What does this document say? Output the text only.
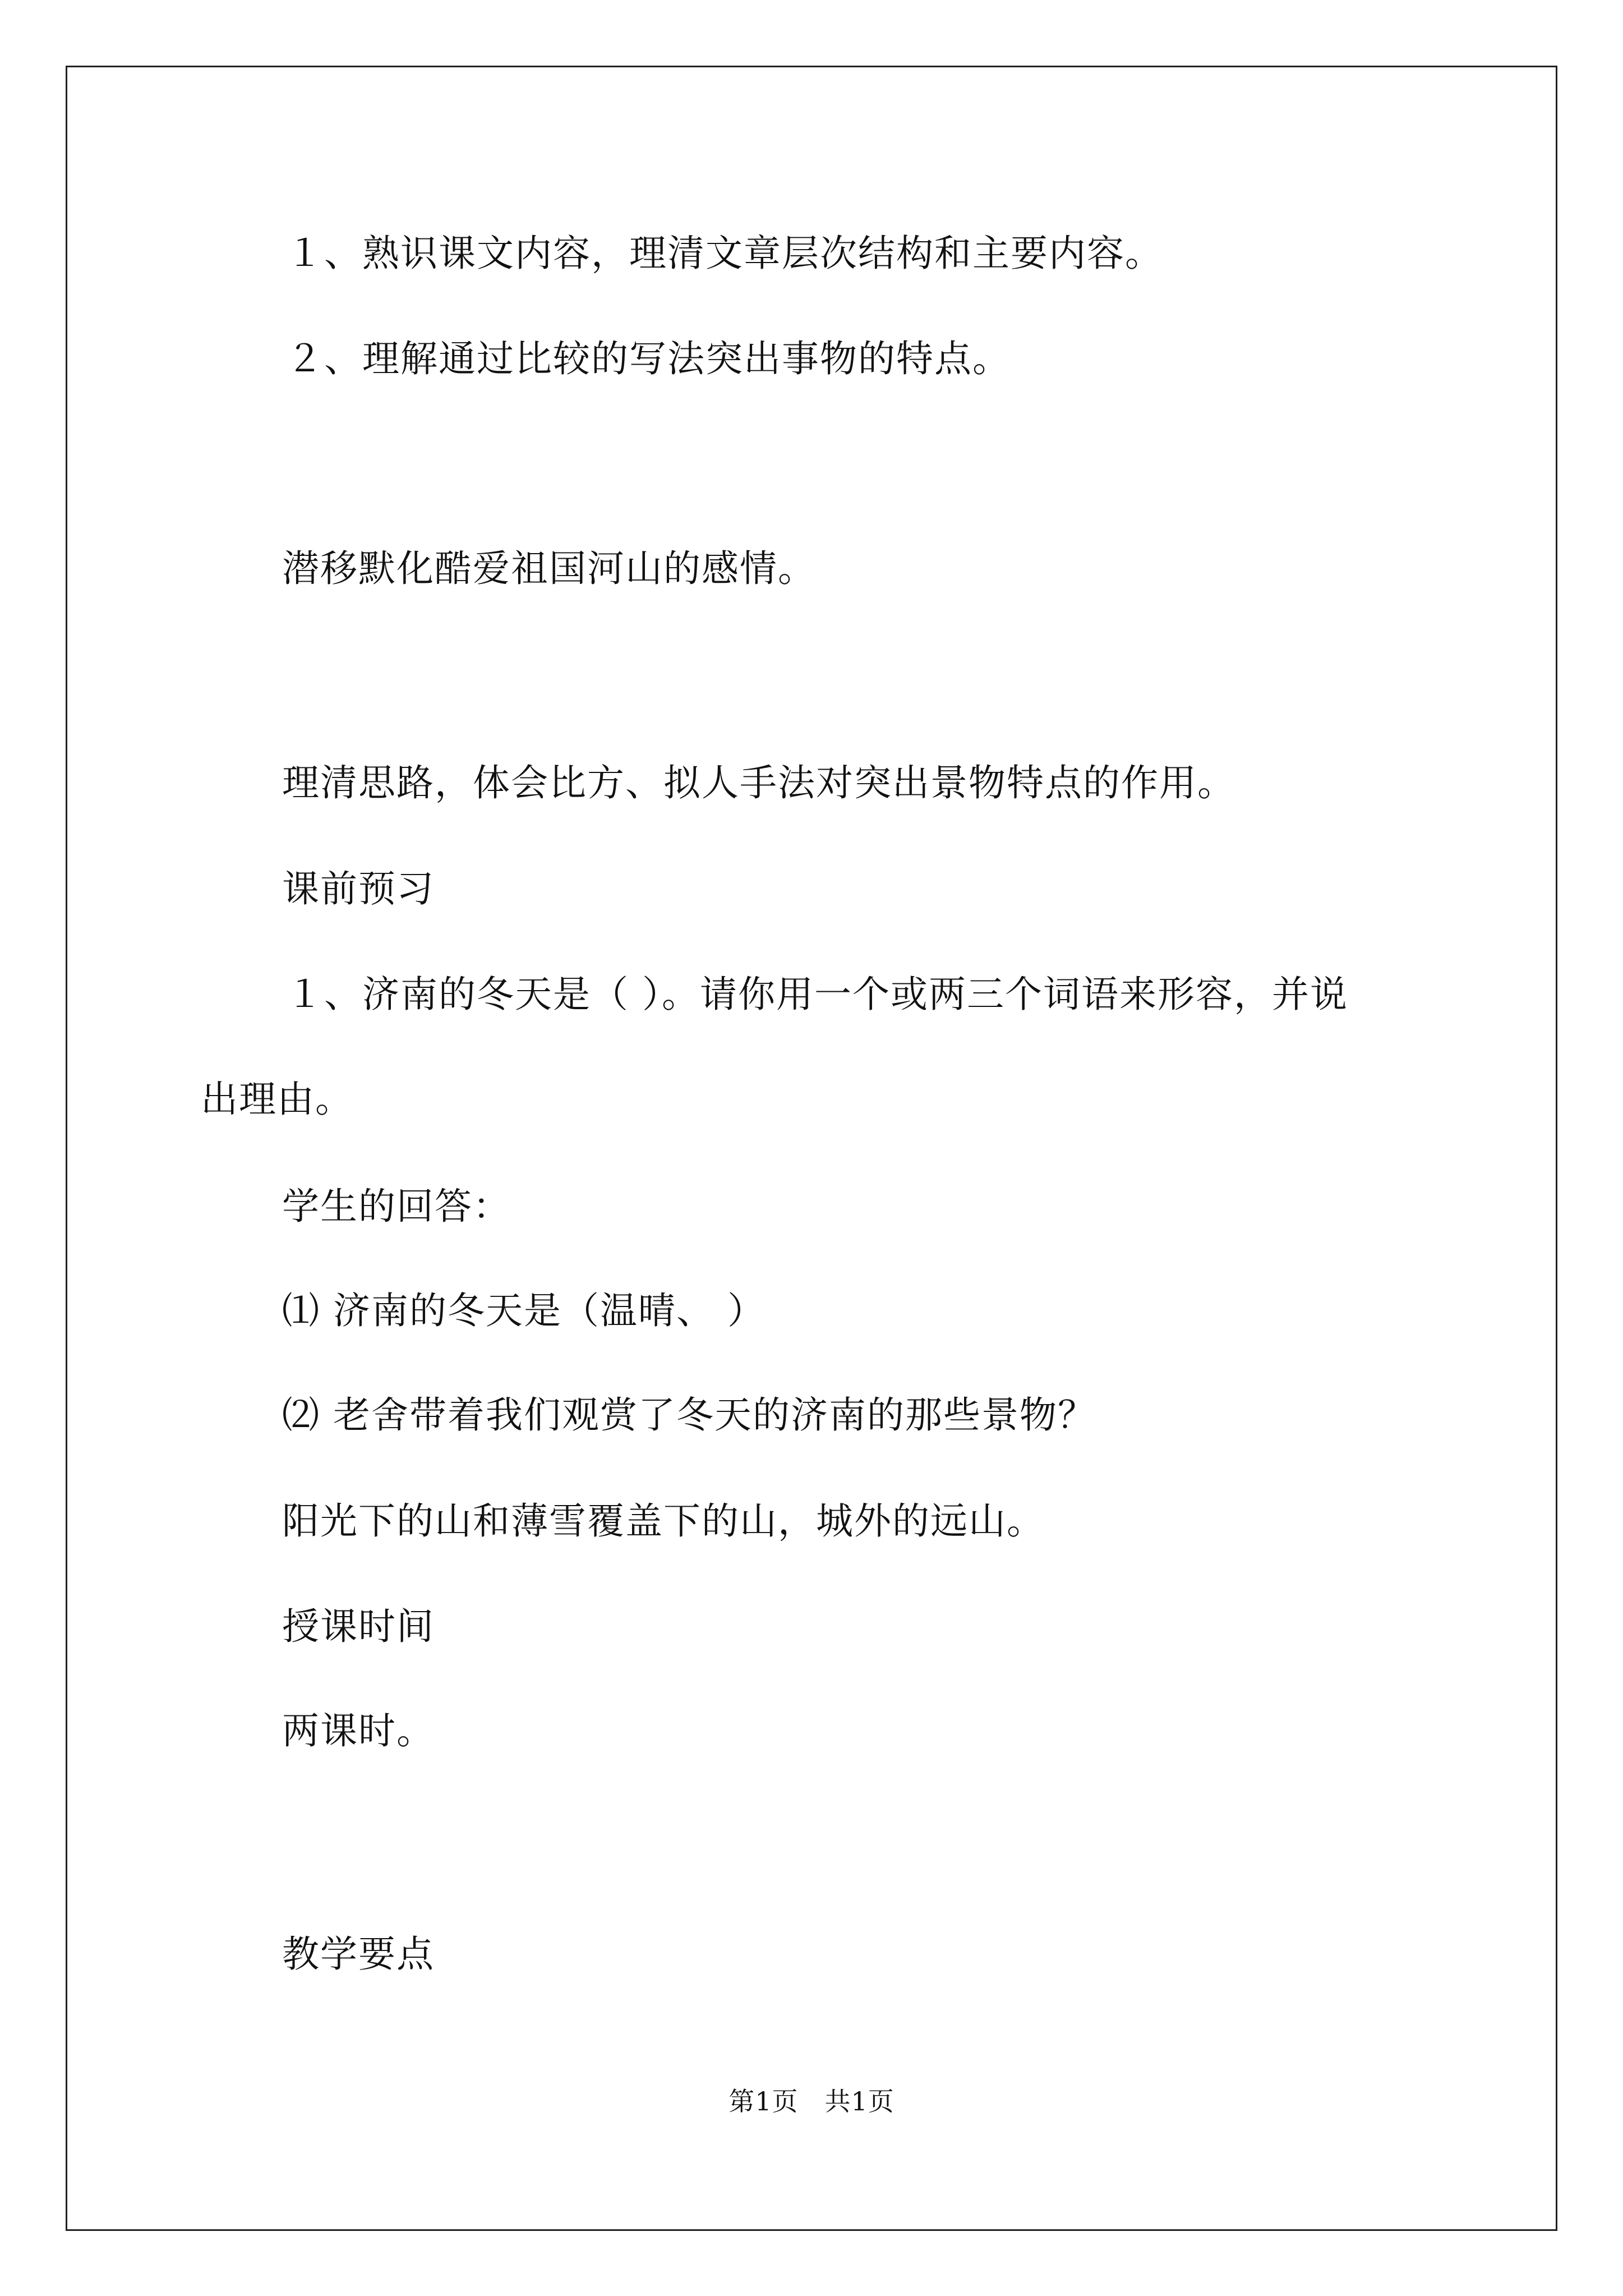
１、熟识课文内容，理清文章层次结构和主要内容。
２、理解通过比较的写法突出事物的特点。
潜移默化酷爱祖国河山的感情。
理清思路，体会比方、拟人手法对突出景物特点的作用。
课前预习
１、济南的冬天是（ ）。请你用一个或两三个词语来形容，并说
出理由。
学生的回答：
⑴ 济南的冬天是（温晴、 ）
⑵ 老舍带着我们观赏了冬天的济南的那些景物？
阳光下的山和薄雪覆盖下的山，城外的远山。
授课时间
两课时。
教学要点
第1页　共1页
